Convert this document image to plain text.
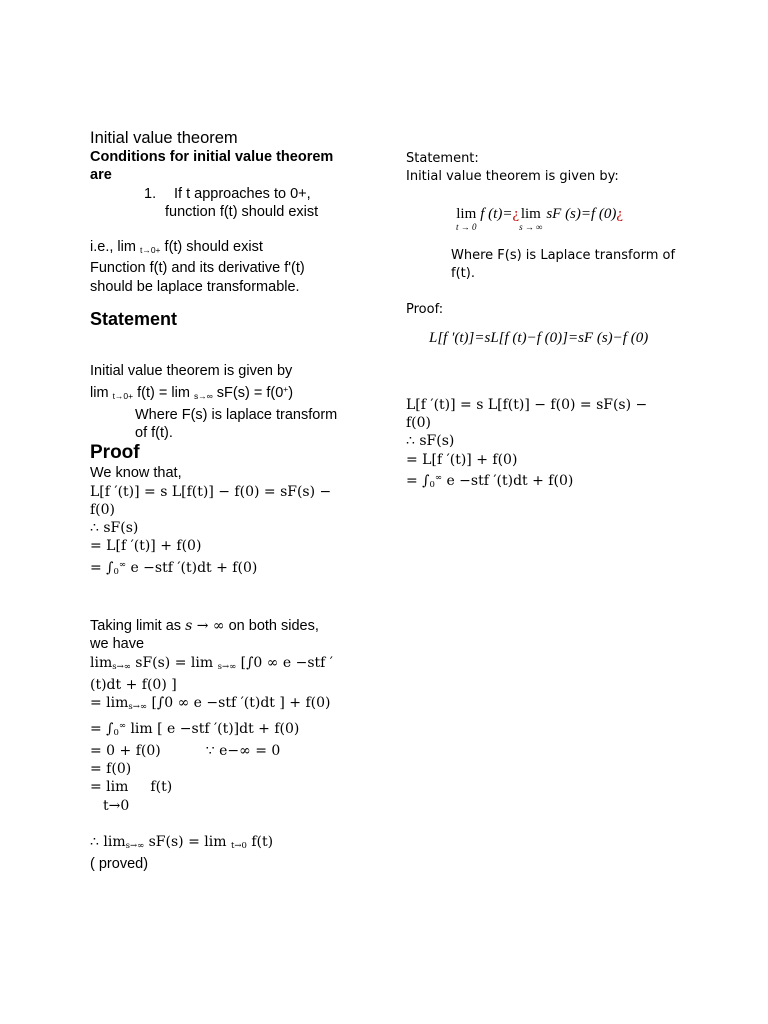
Initial value theorem
Conditions for initial value theorem
are
1. If t approaches to 0+,
function f(t) should exist
i.e., lim $_{t\to 0+}$ f(t) should exist
Function f(t) and its derivative f'(t)
should be laplace transformable.
Statement
Initial value theorem is given by
lim $_{t\to 0+}$ f(t) = lim $_{s\to\infty}$ sF(s) = f(0+)
Where F(s) is laplace transform
of f(t).
Proof
We know that,
L[f ′(t)] = s L[f(t)] − f(0) = sF(s) −
f(0)
∴ sF(s)
= L[f ′(t)] + f(0)
= $\int_0^\infty$ e −stf ′(t)dt + f(0)
Taking limit as s → ∞ on both sides,
we have
$\lim_{s\to\infty} sF(s) = \lim _{s\to\infty}$ [∫0 ∞ e −stf ′
(t)dt + f(0) ]
= $\lim_{s\to\infty} [\int 0$ ∞ e −stf ′(t)dt ] + f(0)
= $\int_0^\infty$ lim [ e −stf ′(t)]dt + f(0)
= 0 + f(0)	∵ e−∞ = 0
= f(0)
= lim f(t)
t→0
∴ $\lim_{s\to\infty} sF(s) = \lim _{t\to 0}$ f(t)
( proved)
Statement:
Initial value theorem is given by:
lim
$^{t \to 0}$ f (t)=¿lim
$^{s \to \infty}$ sF (s)=f (0)¿
Where F(s) is Laplace transform of
f(t).
Proof:
L[f ′(t)]=sL[f (t)−f (0)]=sF (s)−f (0)
L[f ′(t)] = s L[f(t)] − f(0) = sF(s) −
f(0)
∴ sF(s)
= L[f ′(t)] + f(0)
= $\int_0^\infty$ e −stf ′(t)dt + f(0)
